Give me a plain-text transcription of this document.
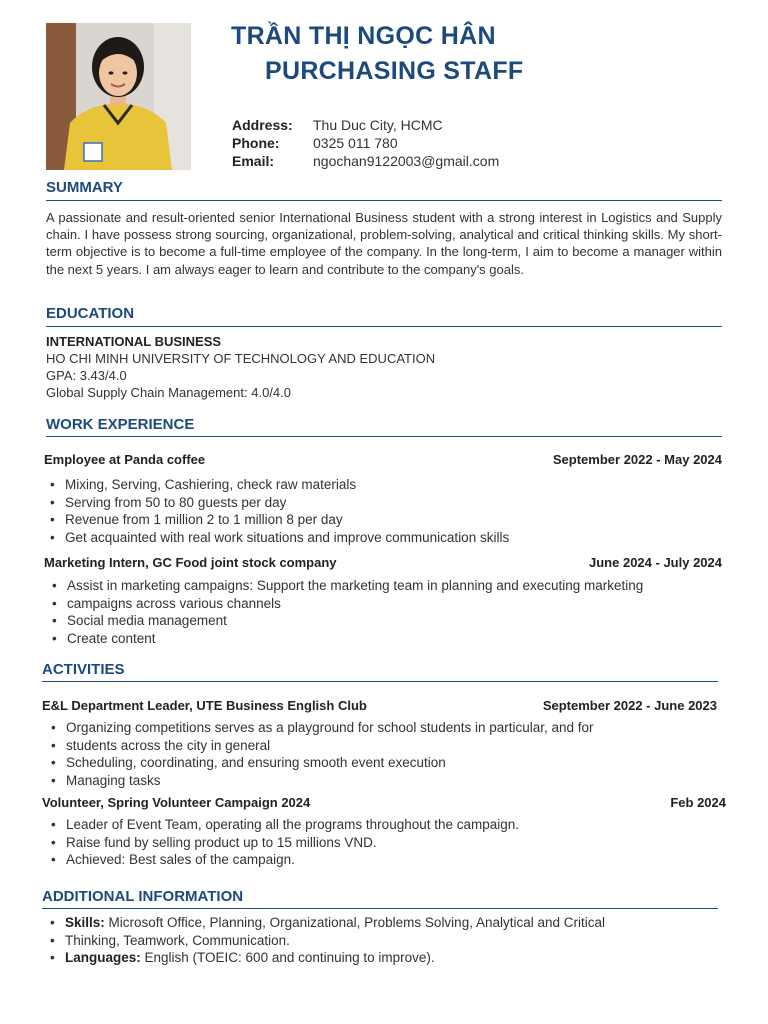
TRẦN THỊ NGỌC HÂN
PURCHASING STAFF
Address: Thu Duc City, HCMC
Phone: 0325 011 780
Email:	ngochan9122003@gmail.com
SUMMARY

A passionate and result-oriented senior International Business student with a strong interest in Logistics and Supply chain. I have possess strong sourcing, organizational, problem-solving, analytical and critical thinking skills. My short-term objective is to become a full-time employee of the company. In the long-term, I aim to become a manager within the next 5 years. I am always eager to learn and contribute to the company's goals.

EDUCATION
INTERNATIONAL BUSINESS
HO CHI MINH UNIVERSITY OF TECHNOLOGY AND EDUCATION
GPA: 3.43/4.0
Global Supply Chain Management: 4.0/4.0
WORK EXPERIENCE
Employee at Panda coffee	September 2022 - May 2024
• Mixing, Serving, Cashiering, check raw materials
• Serving from 50 to 80 guests per day
• Revenue from 1 million 2 to 1 million 8 per day
• Get acquainted with real work situations and improve communication skills
Marketing Intern, GC Food joint stock company	June 2024 - July 2024
• Assist in marketing campaigns: Support the marketing team in planning and executing marketing
• campaigns across various channels
• Social media management
• Create content
ACTIVITIES
E&L Department Leader, UTE Business English Club	September 2022 - June 2023
• Organizing competitions serves as a playground for school students in particular, and for
• students across the city in general
• Scheduling, coordinating, and ensuring smooth event execution
• Managing tasks
Volunteer, Spring Volunteer Campaign 2024	Feb 2024
• Leader of Event Team, operating all the programs throughout the campaign.
• Raise fund by selling product up to 15 millions VND.
• Achieved: Best sales of the campaign.
ADDITIONAL INFORMATION
• Skills: Microsoft Office, Planning, Organizational, Problems Solving, Analytical and Critical
• Thinking, Teamwork, Communication.
• Languages: English (TOEIC: 600 and continuing to improve).
